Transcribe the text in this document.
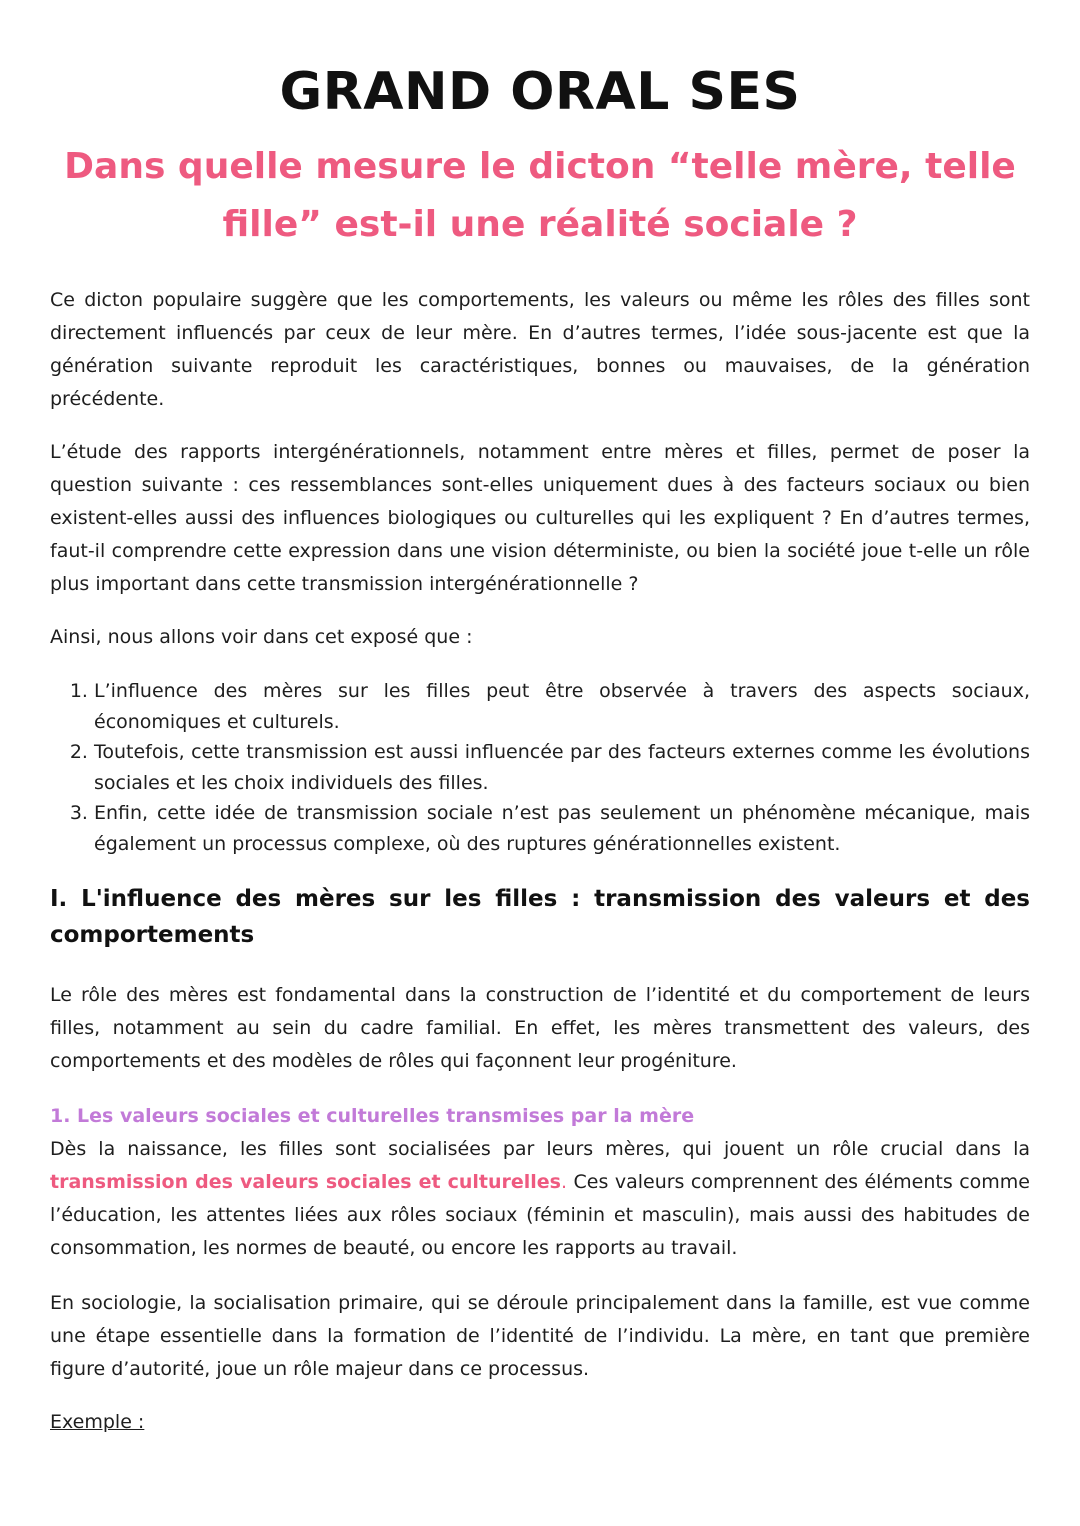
GRAND ORAL SES
Dans quelle mesure le dicton “telle mère, telle fille” est-il une réalité sociale ?

Ce dicton populaire suggère que les comportements, les valeurs ou même les rôles des filles sont directement influencés par ceux de leur mère. En d’autres termes, l’idée sous-jacente est que la génération suivante reproduit les caractéristiques, bonnes ou mauvaises, de la génération précédente.

L’étude des rapports intergénérationnels, notamment entre mères et filles, permet de poser la question suivante : ces ressemblances sont-elles uniquement dues à des facteurs sociaux ou bien existent-elles aussi des influences biologiques ou culturelles qui les expliquent ? En d’autres termes, faut-il comprendre cette expression dans une vision déterministe, ou bien la société joue t-elle un rôle plus important dans cette transmission intergénérationnelle ?

Ainsi, nous allons voir dans cet exposé que :

1. L’influence des mères sur les filles peut être observée à travers des aspects sociaux, économiques et culturels.
2. Toutefois, cette transmission est aussi influencée par des facteurs externes comme les évolutions sociales et les choix individuels des filles.
3. Enfin, cette idée de transmission sociale n’est pas seulement un phénomène mécanique, mais également un processus complexe, où des ruptures générationnelles existent.
I. L'influence des mères sur les filles : transmission des valeurs et des comportements

Le rôle des mères est fondamental dans la construction de l’identité et du comportement de leurs filles, notamment au sein du cadre familial. En effet, les mères transmettent des valeurs, des comportements et des modèles de rôles qui façonnent leur progéniture.

1. Les valeurs sociales et culturelles transmises par la mère

Dès la naissance, les filles sont socialisées par leurs mères, qui jouent un rôle crucial dans la transmission des valeurs sociales et culturelles. Ces valeurs comprennent des éléments comme l’éducation, les attentes liées aux rôles sociaux (féminin et masculin), mais aussi des habitudes de consommation, les normes de beauté, ou encore les rapports au travail.

En sociologie, la socialisation primaire, qui se déroule principalement dans la famille, est vue comme une étape essentielle dans la formation de l’identité de l’individu. La mère, en tant que première figure d’autorité, joue un rôle majeur dans ce processus.

Exemple :
